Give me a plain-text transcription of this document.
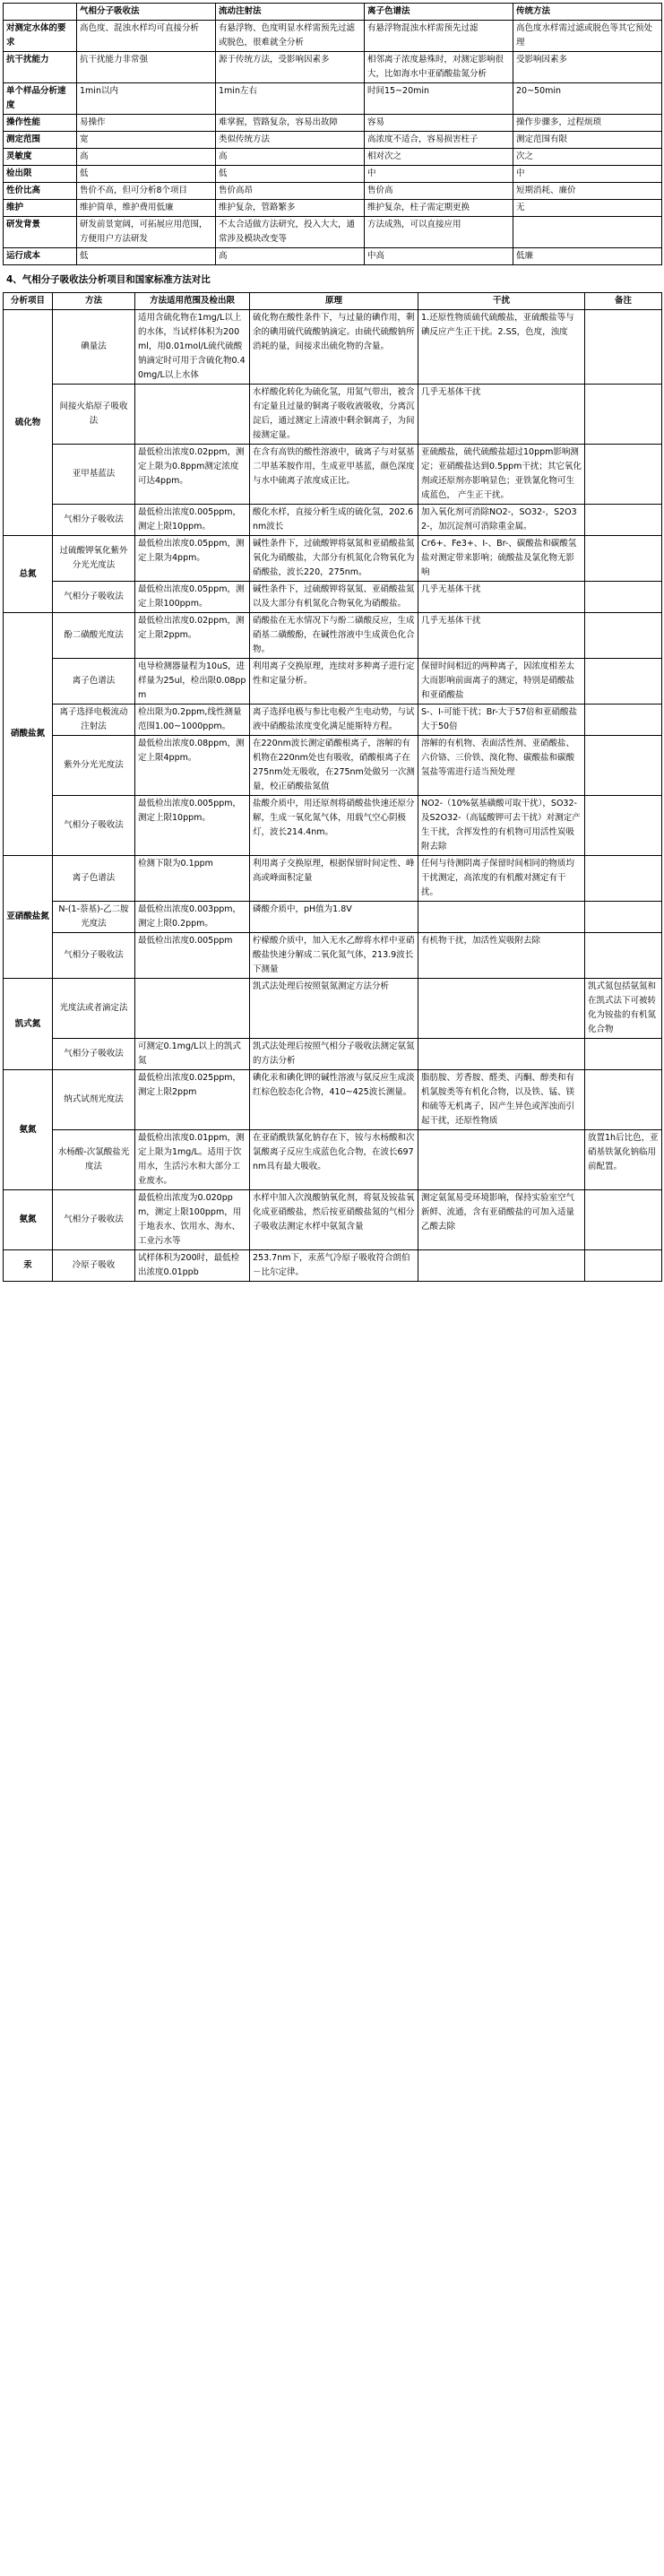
	气相分子吸收法	流动注射法	离子色谱法	传统方法
对测定水体的要求	高色度、混浊水样均可直接分析	有悬浮物、色度明显水样需预先过滤或脱色，很难就全分析	有悬浮物混浊水样需预先过滤	高色度水样需过滤或脱色等其它预处理
抗干扰能力	抗干扰能力非常强	源于传统方法，受影响因素多	相邻离子浓度悬殊时，对测定影响很大，比如海水中亚硝酸盐氮分析	受影响因素多
单个样品分析速度	1min以内	1min左右	时间15~20min	20~50min
操作性能	易操作	难掌握，管路复杂，容易出故障	容易	操作步骤多，过程烦琐
测定范围	宽	类似传统方法	高浓度不适合，容易损害柱子	测定范围有限
灵敏度	高	高	相对次之	次之
检出限	低	低	中	中
性价比高	售价不高，但可分析8个项目	售价高昂	售价高	短期消耗、廉价
维护	维护简单，维护费用低廉	维护复杂，管路繁多	维护复杂，柱子需定期更换	无
研发背景	研发前景宽阔，可拓展应用范围，方便用户方法研发	不太合适做方法研究，投入大大，通常涉及模块改变等	方法成熟，可以直接应用	
运行成本	低	高	中高	低廉
4、气相分子吸收法分析项目和国家标准方法对比
分析项目	方法	方法适用范围及检出限	原理	干扰	备注
硫化物	碘量法	适用含硫化物在1mg/L以上的水体，当试样体积为200ml，用0.01mol/L硫代硫酸钠滴定时可用于含硫化物0.40mg/L以上水体	硫化物在酸性条件下，与过量的碘作用，剩余的碘用硫代硫酸钠滴定。由硫代硫酸钠所消耗的量，间接求出硫化物的含量。	1.还原性物质硫代硫酸盐，亚硫酸盐等与碘反应产生正干扰。2.SS，色度，浊度	
	间接火焰原子吸收法		水样酸化转化为硫化氢，用氮气带出，被含有定量且过量的铜离子吸收液吸收，分离沉淀后，通过测定上清液中剩余铜离子，为间接测定量。	几乎无基体干扰	
	亚甲基蓝法	最低检出浓度0.02ppm，测定上限为0.8ppm测定浓度可达4ppm。	在含有高铁的酸性溶液中，硫离子与对氨基二甲基苯胺作用，生成亚甲基蓝，颜色深度与水中硫离子浓度成正比。	亚硫酸盐，硫代硫酸盐超过10ppm影响测定；亚硝酸盐达到0.5ppm干扰；其它氧化剂或还原剂亦影响显色；亚铁氰化物可生成蓝色， 产生正干扰。	
	气相分子吸收法	最低检出浓度0.005ppm，测定上限10ppm。	酸化水样，直接分析生成的硫化氢，202.6nm波长	加入氧化剂可消除NO2-，SO32-，S2O32-，加沉淀剂可消除重金属。	
总氮	过硫酸钾氧化紫外分光光度法	最低检出浓度0.05ppm，测定上限为4ppm。	碱性条件下，过硫酸钾将氨氮和亚硝酸盐氮氧化为硝酸盐，大部分有机氮化合物氧化为硝酸盐，波长220，275nm。	Cr6+、Fe3+、I-、Br-、碳酸盐和碳酸氢盐对测定带来影响；硫酸盐及氯化物无影响	
	气相分子吸收法	最低检出浓度0.05ppm，测定上限100ppm。	碱性条件下，过硫酸钾将氨氮、亚硝酸盐氮以及大部分有机氮化合物氧化为硝酸盐。	几乎无基体干扰	
硝酸盐氮	酚二磺酸光度法	最低检出浓度0.02ppm，测定上限2ppm。	硝酸盐在无水情况下与酚二磺酸反应，生成硝基二磺酸酚，在碱性溶液中生成黄色化合物。	几乎无基体干扰	
	离子色谱法	电导检测器量程为10uS，进样量为25ul，检出限0.08ppm	利用离子交换原理，连续对多种离子进行定性和定量分析。	保留时间相近的两种离子，因浓度相差太大而影响前面离子的测定，特别是硝酸盐和亚硝酸盐	
	离子选择电极流动注射法	检出限为0.2ppm,线性测量范围1.00~1000ppm。	离子选择电极与参比电极产生电动势，与试液中硝酸盐浓度变化满足能斯特方程。	S-、I-可能干扰；Br-大于57倍和亚硝酸盐大于50倍	
	紫外分光光度法	最低检出浓度0.08ppm，测定上限4ppm。	在220nm波长测定硝酸根离子，溶解的有机物在220nm处也有吸收，硝酸根离子在275nm处无吸收，在275nm处做另一次测量，校正硝酸盐氮值	溶解的有机物、表面活性剂、亚硝酸盐、六价铬、三价铁、溴化物、碳酸盐和碳酸氢盐等需进行适当预处理	
	气相分子吸收法	最低检出浓度0.005ppm，测定上限10ppm。	盐酸介质中，用还原剂将硝酸盐快速还原分解，生成一氧化氮气体，用载气空心阴极灯，波长214.4nm。	NO2-（10%氨基磺酸可取干扰），SO32-及S2O32-（高锰酸钾可去干扰）对测定产生干扰，含挥发性的有机物可用活性炭吸附去除	
亚硝酸盐氮	离子色谱法	检测下限为0.1ppm	利用离子交换原理，根据保留时间定性、峰高或峰面积定量	任何与待测阴离子保留时间相同的物质均干扰测定，高浓度的有机酸对测定有干扰。	
	N-(1-萘基)-乙二胺光度法	最低检出浓度0.003ppm，测定上限0.2ppm。	磷酸介质中，pH值为1.8Ⅴ		
	气相分子吸收法	最低检出浓度0.005ppm	柠檬酸介质中，加入无水乙醇将水样中亚硝酸盐快速分解成二氧化氮气体，213.9波长下测量	有机物干扰，加活性炭吸附去除	
凯式氮	光度法或者滴定法		凯式法处理后按照氨氮测定方法分析		凯式氮包括氨氮和在凯式法下可被转化为铵盐的有机氮化合物
	气相分子吸收法	可测定0.1mg/L以上的凯式氮	凯式法处理后按照气相分子吸收法测定氨氮的方法分析		
氨氮	纳式试剂光度法	最低检出浓度0.025ppm，测定上限2ppm	碘化汞和碘化钾的碱性溶液与氨反应生成淡红棕色胶态化合物，410~425波长测量。	脂肪胺、芳香胺、醛类、丙酮、醇类和有机氯胺类等有机化合物，以及铁、锰、镁和硫等无机离子，因产生异色或浑浊而引起干扰，还原性物质	
	水杨酸-次氯酸盐光度法	最低检出浓度0.01ppm，测定上限为1mg/L。适用于饮用水，生活污水和大部分工业废水。	在亚硝酰铁氰化钠存在下，铵与水杨酸和次氯酸离子反应生成蓝色化合物，在波长697nm具有最大吸收。		放置1h后比色，亚硝基铁氰化钠临用前配置。
氨氮	气相分子吸收法	最低检出浓度为0.020ppm，测定上限100ppm，用于地表水、饮用水、海水、工业污水等	水样中加入次溴酸钠氧化剂，将氨及铵盐氧化成亚硝酸盐，然后按亚硝酸盐氮的气相分子吸收法测定水样中氨氮含量	测定氨氮易受环境影响，保持实验室空气新鲜、流通，含有亚硝酸盐的可加入适量乙酸去除	
汞	冷原子吸收	试样体积为200时，最低检出浓度0.01ppb	253.7nm下，汞蒸气冷原子吸收符合朗伯－比尔定律。		
